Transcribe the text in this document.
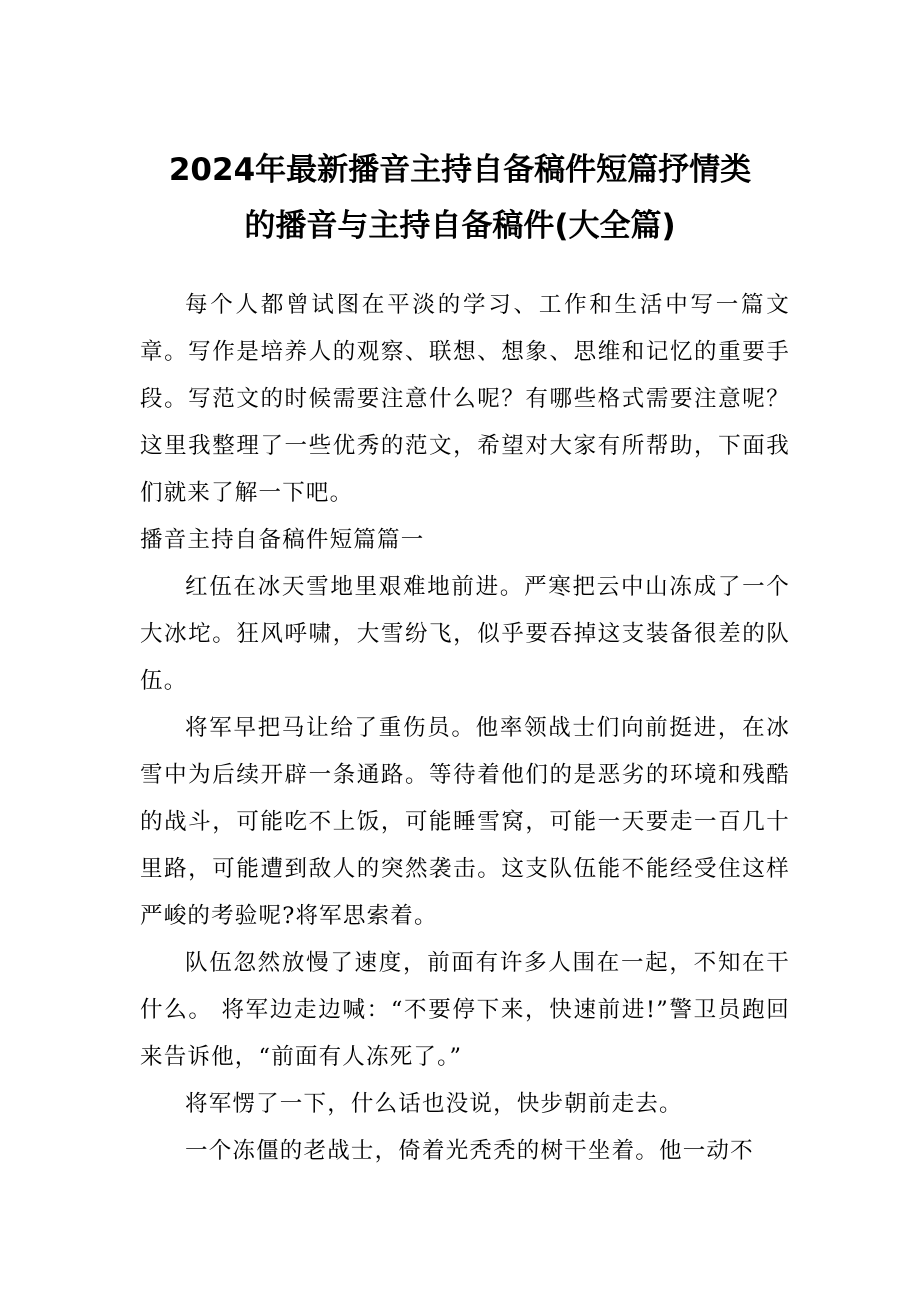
2024年最新播音主持自备稿件短篇抒情类
的播音与主持自备稿件(大全篇)

每个人都曾试图在平淡的学习、工作和生活中写一篇文章。写作是培养人的观察、联想、想象、思维和记忆的重要手段。写范文的时候需要注意什么呢？有哪些格式需要注意呢？这里我整理了一些优秀的范文，希望对大家有所帮助，下面我们就来了解一下吧。

播音主持自备稿件短篇篇一

红伍在冰天雪地里艰难地前进。严寒把云中山冻成了一个大冰坨。狂风呼啸，大雪纷飞，似乎要吞掉这支装备很差的队伍。

将军早把马让给了重伤员。他率领战士们向前挺进，在冰雪中为后续开辟一条通路。等待着他们的是恶劣的环境和残酷的战斗，可能吃不上饭，可能睡雪窝，可能一天要走一百几十里路，可能遭到敌人的突然袭击。这支队伍能不能经受住这样严峻的考验呢?将军思索着。

队伍忽然放慢了速度，前面有许多人围在一起，不知在干什么。 将军边走边喊：“不要停下来，快速前进!”警卫员跑回来告诉他，“前面有人冻死了。”

将军愣了一下，什么话也没说，快步朝前走去。

一个冻僵的老战士，倚着光秃秃的树干坐着。他一动不
